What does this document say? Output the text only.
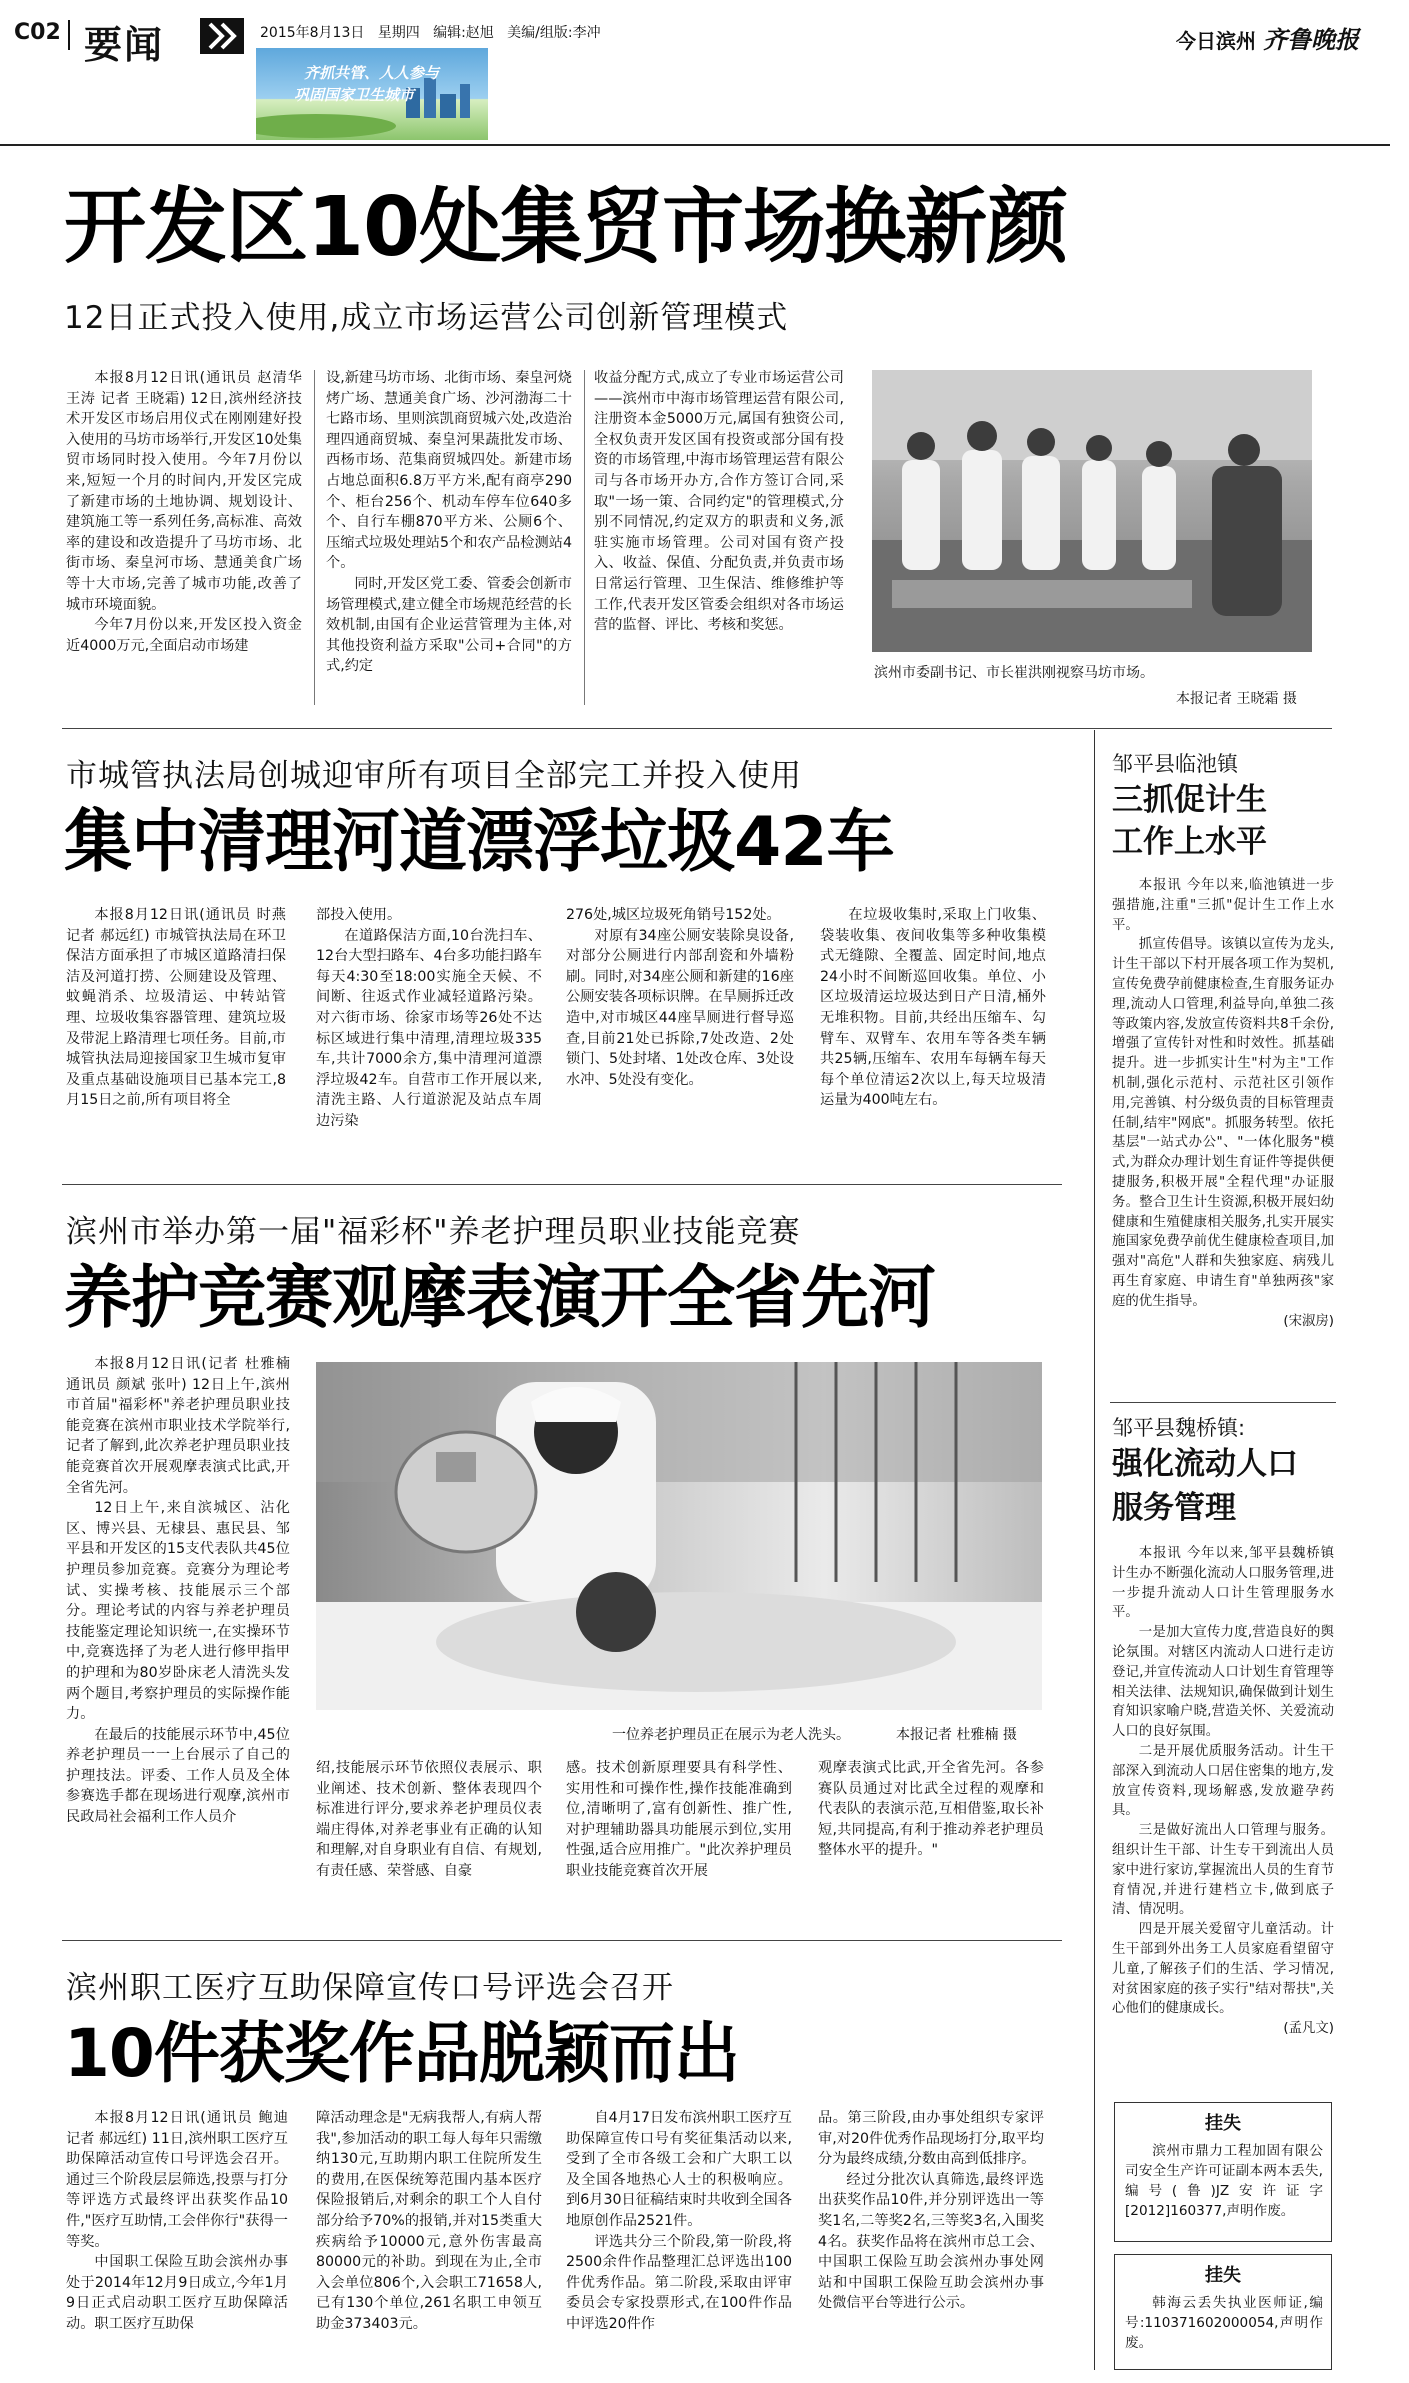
C02 要闻	2015年8月13日 星期四 编辑:赵旭 美编/组版:李冲
齐抓共管、人人参与
巩固国家卫生城市
今日滨州 齐鲁晚报
开发区10处集贸市场换新颜
12日正式投入使用,成立市场运营公司创新管理模式

本报8月12日讯(通讯员 赵清华 王涛 记者 王晓霜) 12日,滨州经济技术开发区市场启用仪式在刚刚建好投入使用的马坊市场举行,开发区10处集贸市场同时投入使用。今年7月份以来,短短一个月的时间内,开发区完成了新建市场的土地协调、规划设计、建筑施工等一系列任务,高标准、高效率的建设和改造提升了马坊市场、北街市场、秦皇河市场、慧通美食广场等十大市场,完善了城市功能,改善了城市环境面貌。

今年7月份以来,开发区投入资金近4000万元,全面启动市场建

设,新建马坊市场、北街市场、秦皇河烧烤广场、慧通美食广场、沙河渤海二十七路市场、里则滨凯商贸城六处,改造治理四通商贸城、秦皇河果蔬批发市场、西杨市场、范集商贸城四处。新建市场占地总面积6.8万平方米,配有商亭290个、柜台256个、机动车停车位640多个、自行车棚870平方米、公厕6个、压缩式垃圾处理站5个和农产品检测站4个。

同时,开发区党工委、管委会创新市场管理模式,建立健全市场规范经营的长效机制,由国有企业运营管理为主体,对其他投资利益方采取"公司+合同"的方式,约定

收益分配方式,成立了专业市场运营公司——滨州市中海市场管理运营有限公司,注册资本金5000万元,属国有独资公司,全权负责开发区国有投资或部分国有投资的市场管理,中海市场管理运营有限公司与各市场开办方,合作方签订合同,采取"一场一策、合同约定"的管理模式,分别不同情况,约定双方的职责和义务,派驻实施市场管理。公司对国有资产投入、收益、保值、分配负责,并负责市场日常运行管理、卫生保洁、维修维护等工作,代表开发区管委会组织对各市场运营的监督、评比、考核和奖惩。

滨州市委副书记、市长崔洪刚视察马坊市场。
本报记者 王晓霜 摄
市城管执法局创城迎审所有项目全部完工并投入使用
集中清理河道漂浮垃圾42车

本报8月12日讯(通讯员 时燕 记者 郝远红) 市城管执法局在环卫保洁方面承担了市城区道路清扫保洁及河道打捞、公厕建设及管理、蚊蝇消杀、垃圾清运、中转站管理、垃圾收集容器管理、建筑垃圾及带泥上路清理七项任务。目前,市城管执法局迎接国家卫生城市复审及重点基础设施项目已基本完工,8月15日之前,所有项目将全

部投入使用。

在道路保洁方面,10台洗扫车、12台大型扫路车、4台多功能扫路车每天4:30至18:00实施全天候、不间断、往返式作业减轻道路污染。对六街市场、徐家市场等26处不达标区域进行集中清理,清理垃圾335车,共计7000余方,集中清理河道漂浮垃圾42车。自营市工作开展以来,清洗主路、人行道淤泥及站点车周边污染

276处,城区垃圾死角销号152处。

对原有34座公厕安装除臭设备,对部分公厕进行内部刮瓷和外墙粉刷。同时,对34座公厕和新建的16座公厕安装各项标识牌。在旱厕拆迁改造中,对市城区44座旱厕进行督导巡查,目前21处已拆除,7处改造、2处锁门、5处封堵、1处改仓库、3处设水冲、5处没有变化。

在垃圾收集时,采取上门收集、袋装收集、夜间收集等多种收集模式无缝隙、全覆盖、固定时间,地点24小时不间断巡回收集。单位、小区垃圾清运垃圾达到日产日清,桶外无堆积物。目前,共经出压缩车、勾臂车、双臂车、农用车等各类车辆共25辆,压缩车、农用车每辆车每天每个单位清运2次以上,每天垃圾清运量为400吨左右。

滨州市举办第一届"福彩杯"养老护理员职业技能竞赛
养护竞赛观摩表演开全省先河

本报8月12日讯(记者 杜雅楠 通讯员 颜斌 张叶) 12日上午,滨州市首届"福彩杯"养老护理员职业技能竞赛在滨州市职业技术学院举行,记者了解到,此次养老护理员职业技能竞赛首次开展观摩表演式比武,开全省先河。

12日上午,来自滨城区、沾化区、博兴县、无棣县、惠民县、邹平县和开发区的15支代表队共45位护理员参加竞赛。竞赛分为理论考试、实操考核、技能展示三个部分。理论考试的内容与养老护理员技能鉴定理论知识统一,在实操环节中,竞赛选择了为老人进行修甲指甲的护理和为80岁卧床老人清洗头发两个题目,考察护理员的实际操作能力。

在最后的技能展示环节中,45位养老护理员一一上台展示了自己的护理技法。评委、工作人员及全体参赛选手都在现场进行观摩,滨州市民政局社会福利工作人员介

一位养老护理员正在展示为老人洗头。	本报记者 杜雅楠 摄

绍,技能展示环节依照仪表展示、职业阐述、技术创新、整体表现四个标准进行评分,要求养老护理员仪表端庄得体,对养老事业有正确的认知和理解,对自身职业有自信、有规划,有责任感、荣誉感、自豪

感。技术创新原理要具有科学性、实用性和可操作性,操作技能准确到位,清晰明了,富有创新性、推广性,对护理辅助器具功能展示到位,实用性强,适合应用推广。"此次养护理员职业技能竞赛首次开展

观摩表演式比武,开全省先河。各参赛队员通过对比武全过程的观摩和代表队的表演示范,互相借鉴,取长补短,共同提高,有利于推动养老护理员整体水平的提升。"

滨州职工医疗互助保障宣传口号评选会召开
10件获奖作品脱颖而出

本报8月12日讯(通讯员 鲍迪 记者 郝远红) 11日,滨州职工医疗互助保障活动宣传口号评选会召开。通过三个阶段层层筛选,投票与打分等评选方式最终评出获奖作品10件,"医疗互助情,工会伴你行"获得一等奖。

中国职工保险互助会滨州办事处于2014年12月9日成立,今年1月9日正式启动职工医疗互助保障活动。职工医疗互助保

障活动理念是"无病我帮人,有病人帮我",参加活动的职工每人每年只需缴纳130元,互助期内职工住院所发生的费用,在医保统筹范围内基本医疗保险报销后,对剩余的职工个人自付部分给予70%的报销,并对15类重大疾病给予10000元,意外伤害最高80000元的补助。到现在为止,全市入会单位806个,入会职工71658人,已有130个单位,261名职工申领互助金373403元。

自4月17日发布滨州职工医疗互助保障宣传口号有奖征集活动以来,受到了全市各级工会和广大职工以及全国各地热心人士的积极响应。到6月30日征稿结束时共收到全国各地原创作品2521件。

评选共分三个阶段,第一阶段,将2500余件作品整理汇总评选出100件优秀作品。第二阶段,采取由评审委员会专家投票形式,在100件作品中评选20件作

品。第三阶段,由办事处组织专家评审,对20件优秀作品现场打分,取平均分为最终成绩,分数由高到低排序。

经过分批次认真筛选,最终评选出获奖作品10件,并分别评选出一等奖1名,二等奖2名,三等奖3名,入围奖4名。获奖作品将在滨州市总工会、中国职工保险互助会滨州办事处网站和中国职工保险互助会滨州办事处微信平台等进行公示。

邹平县临池镇
三抓促计生
工作上水平

本报讯 今年以来,临池镇进一步强措施,注重"三抓"促计生工作上水平。

抓宣传倡导。该镇以宣传为龙头,计生干部以下村开展各项工作为契机,宣传免费孕前健康检查,生育服务证办理,流动人口管理,利益导向,单独二孩等政策内容,发放宣传资料共8千余份,增强了宣传针对性和时效性。抓基础提升。进一步抓实计生"村为主"工作机制,强化示范村、示范社区引领作用,完善镇、村分级负责的目标管理责任制,结牢"网底"。抓服务转型。依托基层"一站式办公"、"一体化服务"模式,为群众办理计划生育证件等提供便捷服务,积极开展"全程代理"办证服务。整合卫生计生资源,积极开展妇幼健康和生殖健康相关服务,扎实开展实施国家免费孕前优生健康检查项目,加强对"高危"人群和失独家庭、病残儿再生育家庭、申请生育"单独两孩"家庭的优生指导。

(宋淑房)

邹平县魏桥镇:
强化流动人口
服务管理

本报讯 今年以来,邹平县魏桥镇计生办不断强化流动人口服务管理,进一步提升流动人口计生管理服务水平。

一是加大宣传力度,营造良好的舆论氛围。对辖区内流动人口进行走访登记,并宣传流动人口计划生育管理等相关法律、法规知识,确保做到计划生育知识家喻户晓,营造关怀、关爱流动人口的良好氛围。

二是开展优质服务活动。计生干部深入到流动人口居住密集的地方,发放宣传资料,现场解惑,发放避孕药具。

三是做好流出人口管理与服务。组织计生干部、计生专干到流出人员家中进行家访,掌握流出人员的生育节育情况,并进行建档立卡,做到底子清、情况明。

四是开展关爱留守儿童活动。计生干部到外出务工人员家庭看望留守儿童,了解孩子们的生活、学习情况,对贫困家庭的孩子实行"结对帮扶",关心他们的健康成长。

(孟凡文)

挂失
滨州市鼎力工程加固有限公司安全生产许可证副本两本丢失,编号(鲁)JZ安许证字[2012]160377,声明作废。
挂失
韩海云丢失执业医师证,编号:110371602000054,声明作废。
